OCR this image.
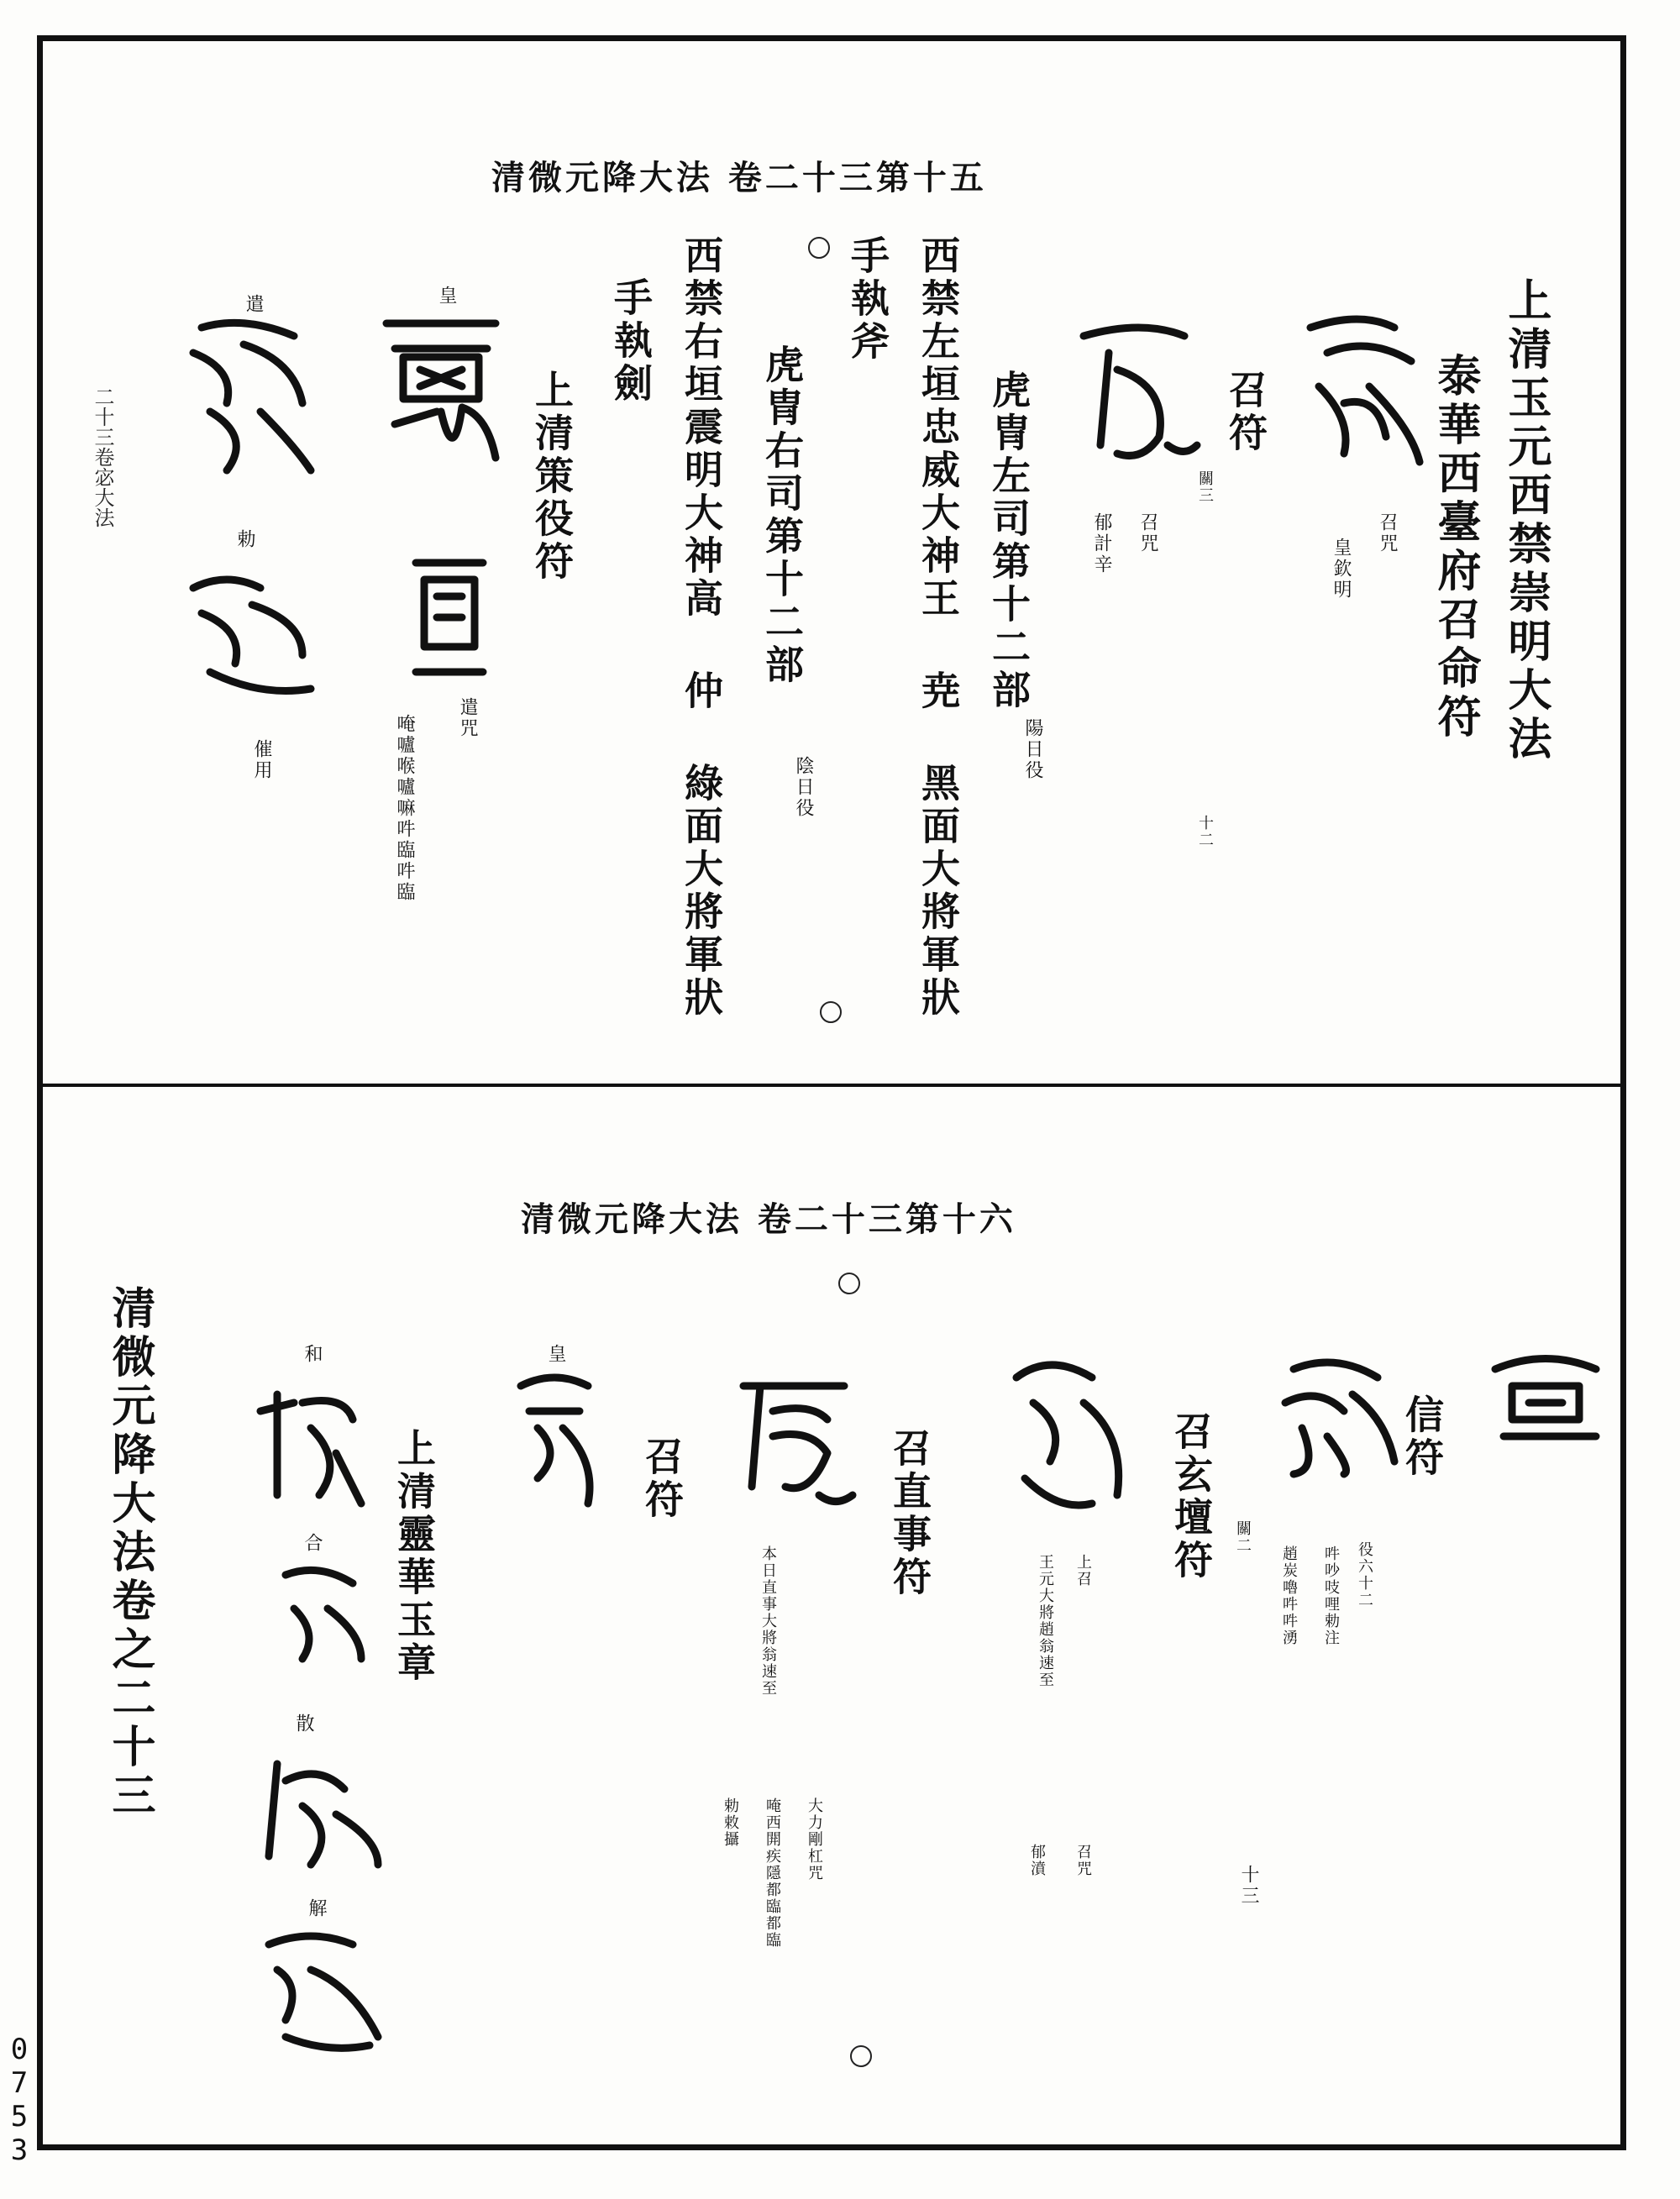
清微元降大法 卷二十三第十五
上清玉元西禁崇明大法
泰華西臺府召命符
召咒
皇欽明
召符
關三
十二
召咒
郁計辛
虎冑左司第十二部
陽日役
西禁左垣忠威大神王 尭 黑面大將軍狀
手執斧
虎冑右司第十二部
陰日役
西禁右垣震明大神高 仲 綠面大將軍狀
手執劍
上清策役符
皇
遣咒
唵嚧喉嚧嘛吽臨吽臨
遣
勅
催用
二十三卷宓大法
清微元降大法 卷二十三第十六
信符
役六十二
吽吵吱哩勅注
趙炭嚕吽吽湧
召玄壇符 關二
十三
上召
王元大將趙翁速至
召咒
郁濆
召直事符
本日直事大將翁速至
大力剛杠咒
唵西䦕疾隱都臨都臨
勅敕攝
召符
皇
上清靈華玉章
和
合
散
解
清微元降大法卷之二十三
0753
